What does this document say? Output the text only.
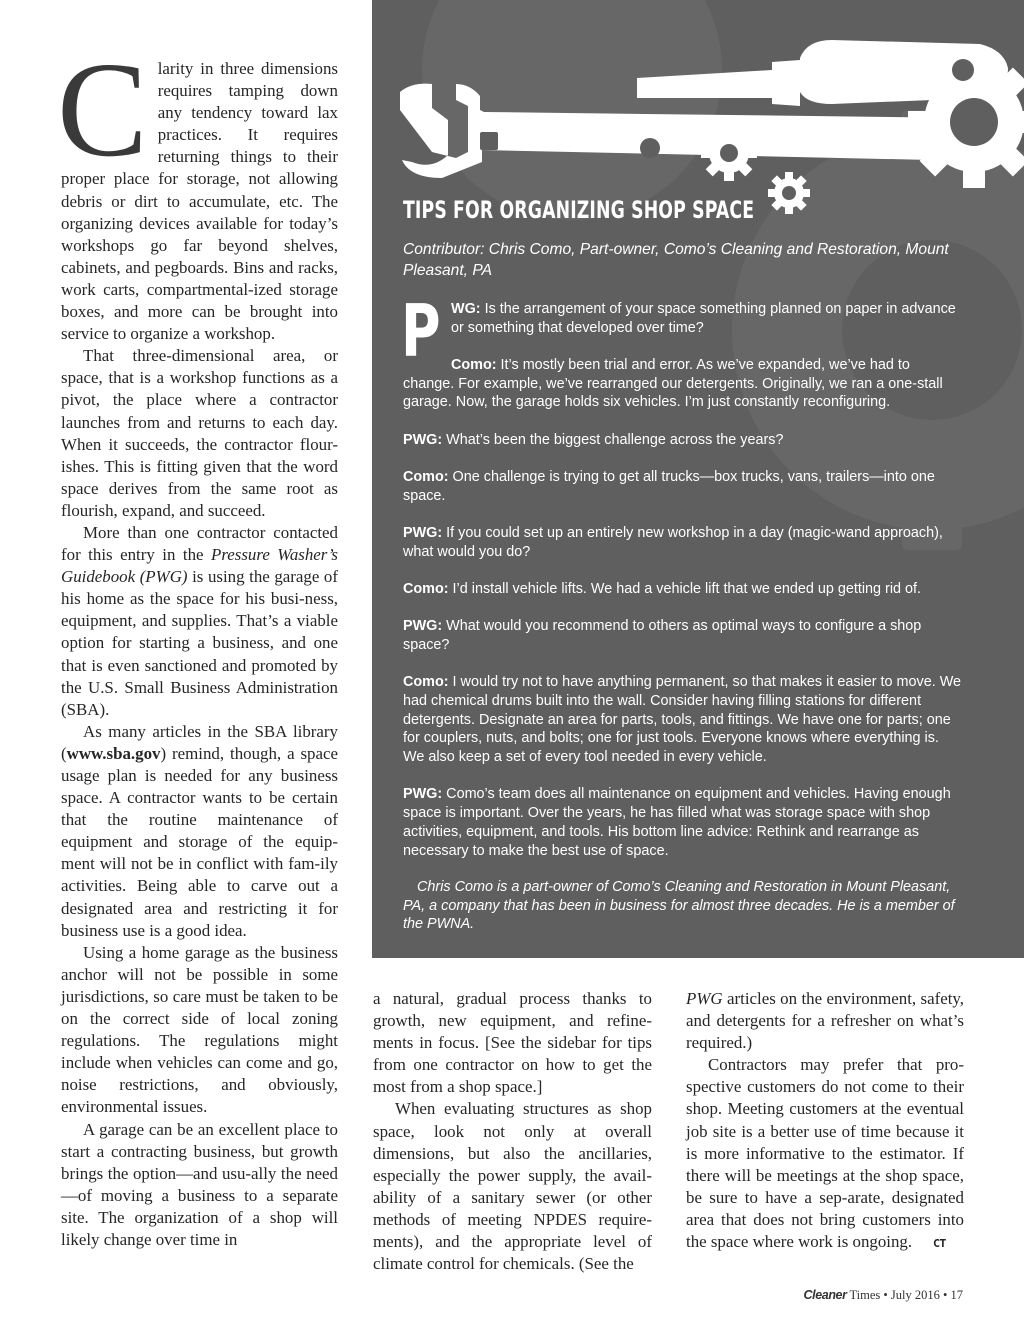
Clarity in three dimensions requires tamping down any tendency toward lax practices. It requires returning things to their proper place for storage, not allowing debris or dirt to accumulate, etc. The organizing devices available for today’s workshops go far beyond shelves, cabinets, and pegboards. Bins and racks, work carts, compartmental-ized storage boxes, and more can be brought into service to organize a workshop.

That three-dimensional area, or space, that is a workshop functions as a pivot, the place where a contractor launches from and returns to each day. When it succeeds, the contractor flour-ishes. This is fitting given that the word space derives from the same root as flourish, expand, and succeed.

More than one contractor contacted for this entry in the Pressure Washer’s Guidebook (PWG) is using the garage of his home as the space for his busi-ness, equipment, and supplies. That’s a viable option for starting a business, and one that is even sanctioned and promoted by the U.S. Small Business Administration (SBA).

As many articles in the SBA library (www.sba.gov) remind, though, a space usage plan is needed for any business space. A contractor wants to be certain that the routine maintenance of equipment and storage of the equip-ment will not be in conflict with fam-ily activities. Being able to carve out a designated area and restricting it for business use is a good idea.

Using a home garage as the business anchor will not be possible in some jurisdictions, so care must be taken to be on the correct side of local zoning regulations. The regulations might include when vehicles can come and go, noise restrictions, and obviously, environmental issues.

A garage can be an excellent place to start a contracting business, but growth brings the option—and usu-ally the need—of moving a business to a separate site. The organization of a shop will likely change over time in

TIPS FOR ORGANIZING SHOP SPACE
Contributor: Chris Como, Part-owner, Como’s Cleaning and Restoration, Mount Pleasant, PA

PWG: Is the arrangement of your space something planned on paper in advance or something that developed over time?

Como: It’s mostly been trial and error. As we’ve expanded, we’ve had to change. For example, we’ve rearranged our detergents. Originally, we ran a one-stall garage. Now, the garage holds six vehicles. I’m just constantly reconfiguring.

PWG: What’s been the biggest challenge across the years?

Como: One challenge is trying to get all trucks—box trucks, vans, trailers—into one space.

PWG: If you could set up an entirely new workshop in a day (magic-wand approach), what would you do?

Como: I’d install vehicle lifts. We had a vehicle lift that we ended up getting rid of.

PWG: What would you recommend to others as optimal ways to configure a shop space?

Como: I would try not to have anything permanent, so that makes it easier to move. We had chemical drums built into the wall. Consider having filling stations for different detergents. Designate an area for parts, tools, and fittings. We have one for parts; one for couplers, nuts, and bolts; one for just tools. Everyone knows where everything is. We also keep a set of every tool needed in every vehicle.

PWG: Como’s team does all maintenance on equipment and vehicles. Having enough space is important. Over the years, he has filled what was storage space with shop activities, equipment, and tools. His bottom line advice: Rethink and rearrange as necessary to make the best use of space.

Chris Como is a part-owner of Como’s Cleaning and Restoration in Mount Pleasant, PA, a company that has been in business for almost three decades. He is a member of the PWNA.

a natural, gradual process thanks to growth, new equipment, and refine-ments in focus. [See the sidebar for tips from one contractor on how to get the most from a shop space.]

When evaluating structures as shop space, look not only at overall dimensions, but also the ancillaries, especially the power supply, the avail-ability of a sanitary sewer (or other methods of meeting NPDES require-ments), and the appropriate level of climate control for chemicals. (See the

PWG articles on the environment, safety, and detergents for a refresher on what’s required.)

Contractors may prefer that pro-spective customers do not come to their shop. Meeting customers at the eventual job site is a better use of time because it is more informative to the estimator. If there will be meetings at the shop space, be sure to have a sep-arate, designated area that does not bring customers into the space where work is ongoing. CT

Cleaner Times • July 2016 • 17
